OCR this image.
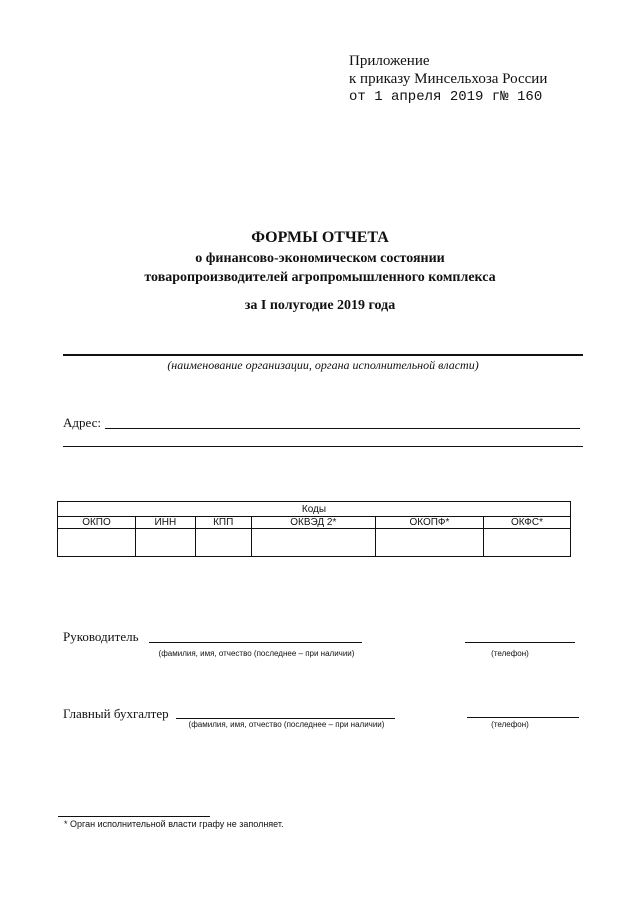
Приложение
к приказу Минсельхоза России
от 1 апреля 2019 г№ 160
ФОРМЫ ОТЧЕТА
о финансово-экономическом состоянии
товаропроизводителей агропромышленного комплекса
за I полугодие 2019 года
(наименование организации, органа исполнительной власти)
Адрес:
Коды					
ОКПО	ИНН	КПП	ОКВЭД 2*	ОКОПФ*	ОКФС*

Руководитель
(фамилия, имя, отчество (последнее – при наличии)	(телефон)
Главный бухгалтер
(фамилия, имя, отчество (последнее – при наличии)	(телефон)
* Орган исполнительной власти графу не заполняет.
